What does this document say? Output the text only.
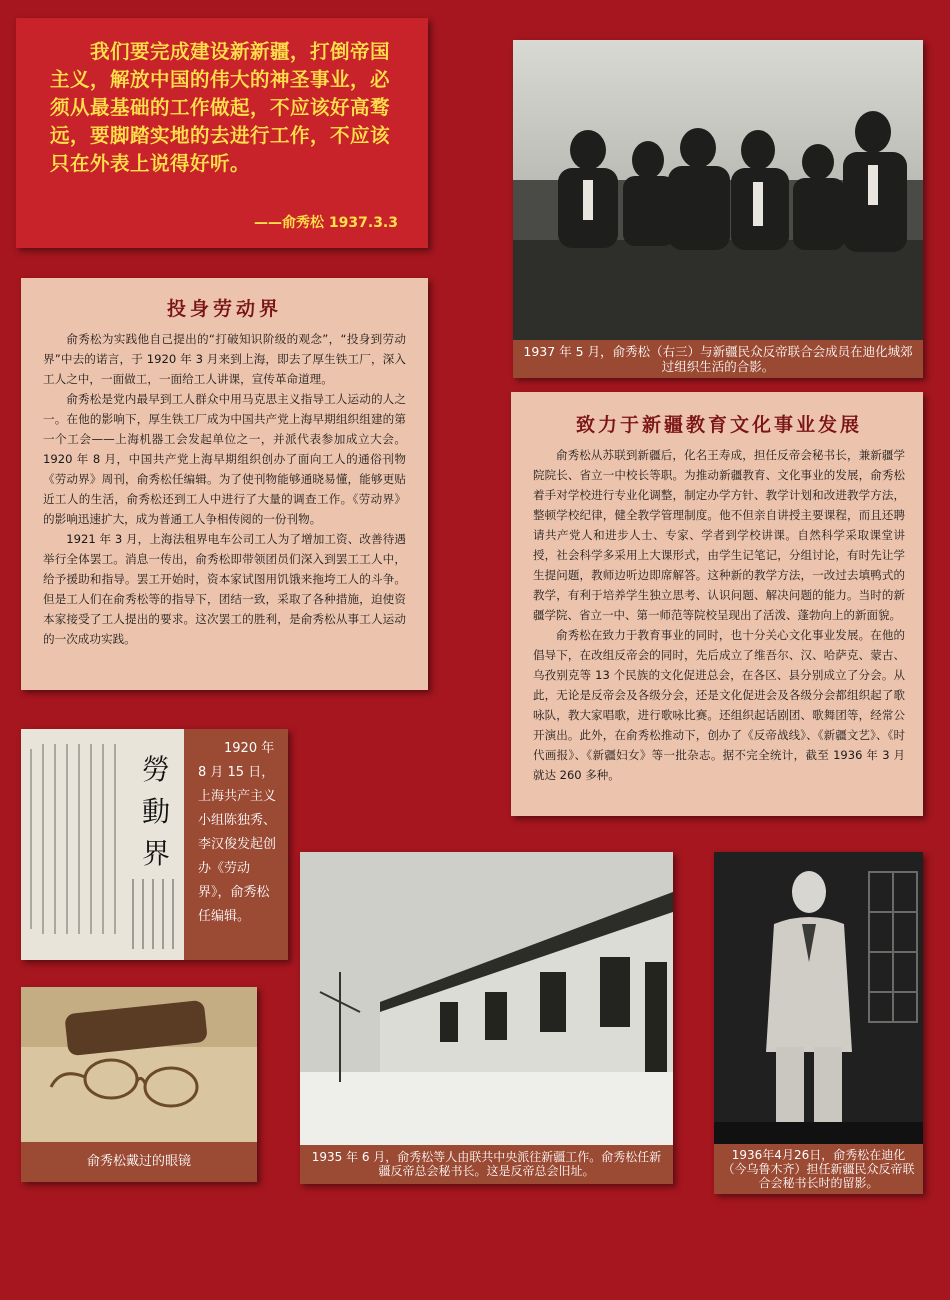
我们要完成建设新新疆，打倒帝国主义，解放中国的伟大的神圣事业，必须从最基础的工作做起，不应该好高骛远，要脚踏实地的去进行工作，不应该只在外表上说得好听。
——俞秀松 1937.3.3
1937 年 5 月，俞秀松（右三）与新疆民众反帝联合会成员在迪化城郊过组织生活的合影。
投身劳动界

俞秀松为实践他自己提出的“打破知识阶级的观念”，“投身到劳动界”中去的诺言，于 1920 年 3 月来到上海，即去了厚生铁工厂，深入工人之中，一面做工，一面给工人讲课，宣传革命道理。

俞秀松是党内最早到工人群众中用马克思主义指导工人运动的人之一。在他的影响下，厚生铁工厂成为中国共产党上海早期组织组建的第一个工会——上海机器工会发起单位之一，并派代表参加成立大会。1920 年 8 月，中国共产党上海早期组织创办了面向工人的通俗刊物《劳动界》周刊，俞秀松任编辑。为了使刊物能够通晓易懂，能够更贴近工人的生活，俞秀松还到工人中进行了大量的调查工作。《劳动界》的影响迅速扩大，成为普通工人争相传阅的一份刊物。

1921 年 3 月，上海法租界电车公司工人为了增加工资、改善待遇举行全体罢工。消息一传出，俞秀松即带领团员们深入到罢工工人中，给予援助和指导。罢工开始时，资本家试图用饥饿来拖垮工人的斗争。但是工人们在俞秀松等的指导下，团结一致，采取了各种措施，迫使资本家接受了工人提出的要求。这次罢工的胜利，是俞秀松从事工人运动的一次成功实践。

致力于新疆教育文化事业发展

俞秀松从苏联到新疆后，化名王寿成，担任反帝会秘书长，兼新疆学院院长、省立一中校长等职。为推动新疆教育、文化事业的发展，俞秀松着手对学校进行专业化调整，制定办学方针、教学计划和改进教学方法，整顿学校纪律，健全教学管理制度。他不但亲自讲授主要课程，而且还聘请共产党人和进步人士、专家、学者到学校讲课。自然科学采取课堂讲授，社会科学多采用上大课形式，由学生记笔记，分组讨论，有时先让学生提问题，教师边听边即席解答。这种新的教学方法，一改过去填鸭式的教学，有利于培养学生独立思考、认识问题、解决问题的能力。当时的新疆学院、省立一中、第一师范等院校呈现出了活泼、蓬勃向上的新面貌。

俞秀松在致力于教育事业的同时，也十分关心文化事业发展。在他的倡导下，在改组反帝会的同时，先后成立了维吾尔、汉、哈萨克、蒙古、乌孜别克等 13 个民族的文化促进总会，在各区、县分别成立了分会。从此，无论是反帝会及各级分会，还是文化促进会及各级分会都组织起了歌咏队，教大家唱歌，进行歌咏比赛。还组织起话剧团、歌舞团等，经常公开演出。此外，在俞秀松推动下，创办了《反帝战线》、《新疆文艺》、《时代画报》、《新疆妇女》等一批杂志。据不完全统计，截至 1936 年 3 月就达 260 多种。

勞
動
界
1920 年 8 月 15 日，上海共产主义小组陈独秀、李汉俊发起创办《劳动界》，俞秀松任编辑。
俞秀松戴过的眼镜	1935 年 6 月，俞秀松等人由联共中央派往新疆工作。俞秀松任新疆反帝总会秘书长。这是反帝总会旧址。
1936年4月26日，俞秀松在迪化（今乌鲁木齐）担任新疆民众反帝联合会秘书长时的留影。
